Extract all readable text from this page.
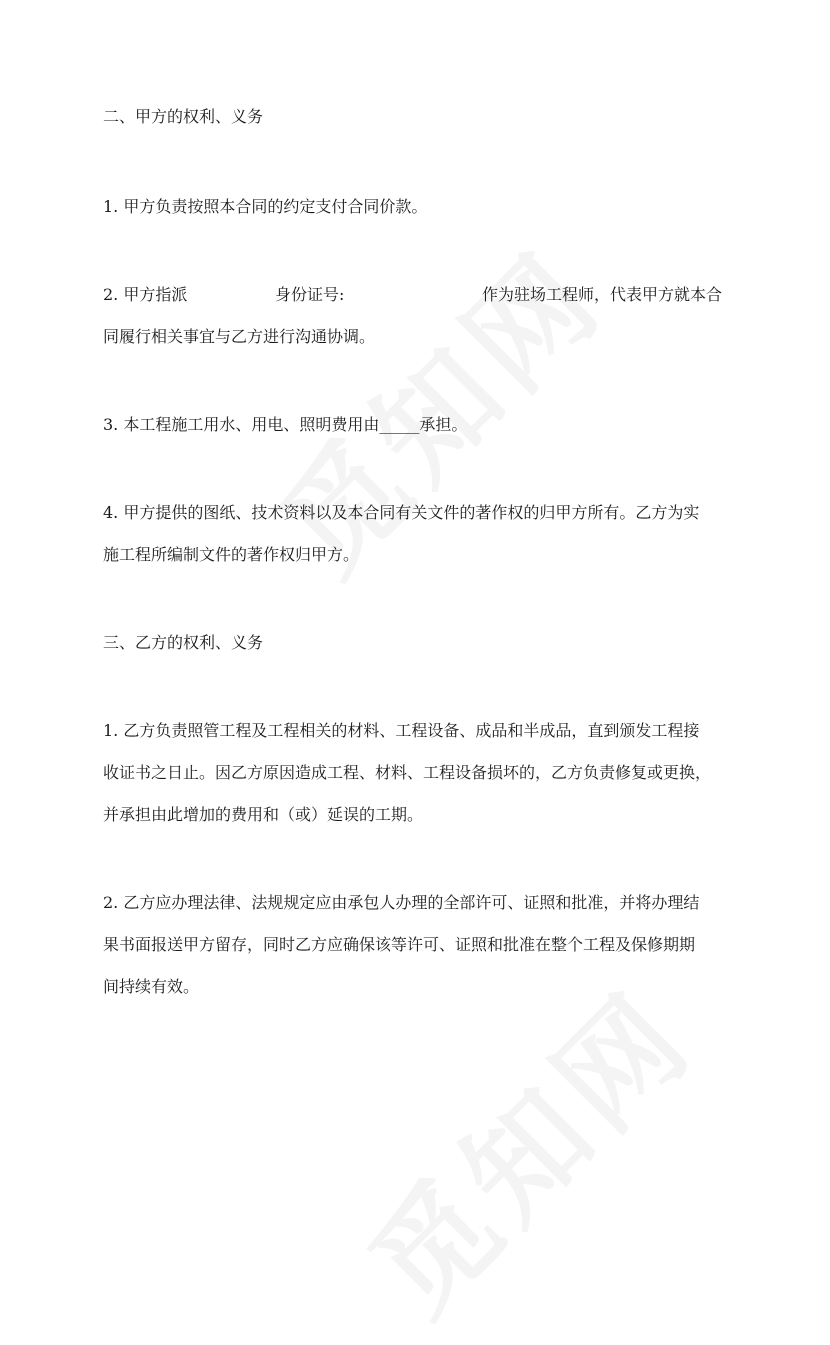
二、甲方的权利、义务
1. 甲方负责按照本合同的约定支付合同价款。
2. 甲方指派	身份证号:	作为驻场工程师，代表甲方就本合
同履行相关事宜与乙方进行沟通协调。
3. 本工程施工用水、用电、照明费用由_____承担。
4. 甲方提供的图纸、技术资料以及本合同有关文件的著作权的归甲方所有。乙方为实
施工程所编制文件的著作权归甲方。
三、乙方的权利、义务
1. 乙方负责照管工程及工程相关的材料、工程设备、成品和半成品，直到颁发工程接
收证书之日止。因乙方原因造成工程、材料、工程设备损坏的，乙方负责修复或更换，
并承担由此增加的费用和（或）延误的工期。
2. 乙方应办理法律、法规规定应由承包人办理的全部许可、证照和批准，并将办理结
果书面报送甲方留存，同时乙方应确保该等许可、证照和批准在整个工程及保修期期
间持续有效。
